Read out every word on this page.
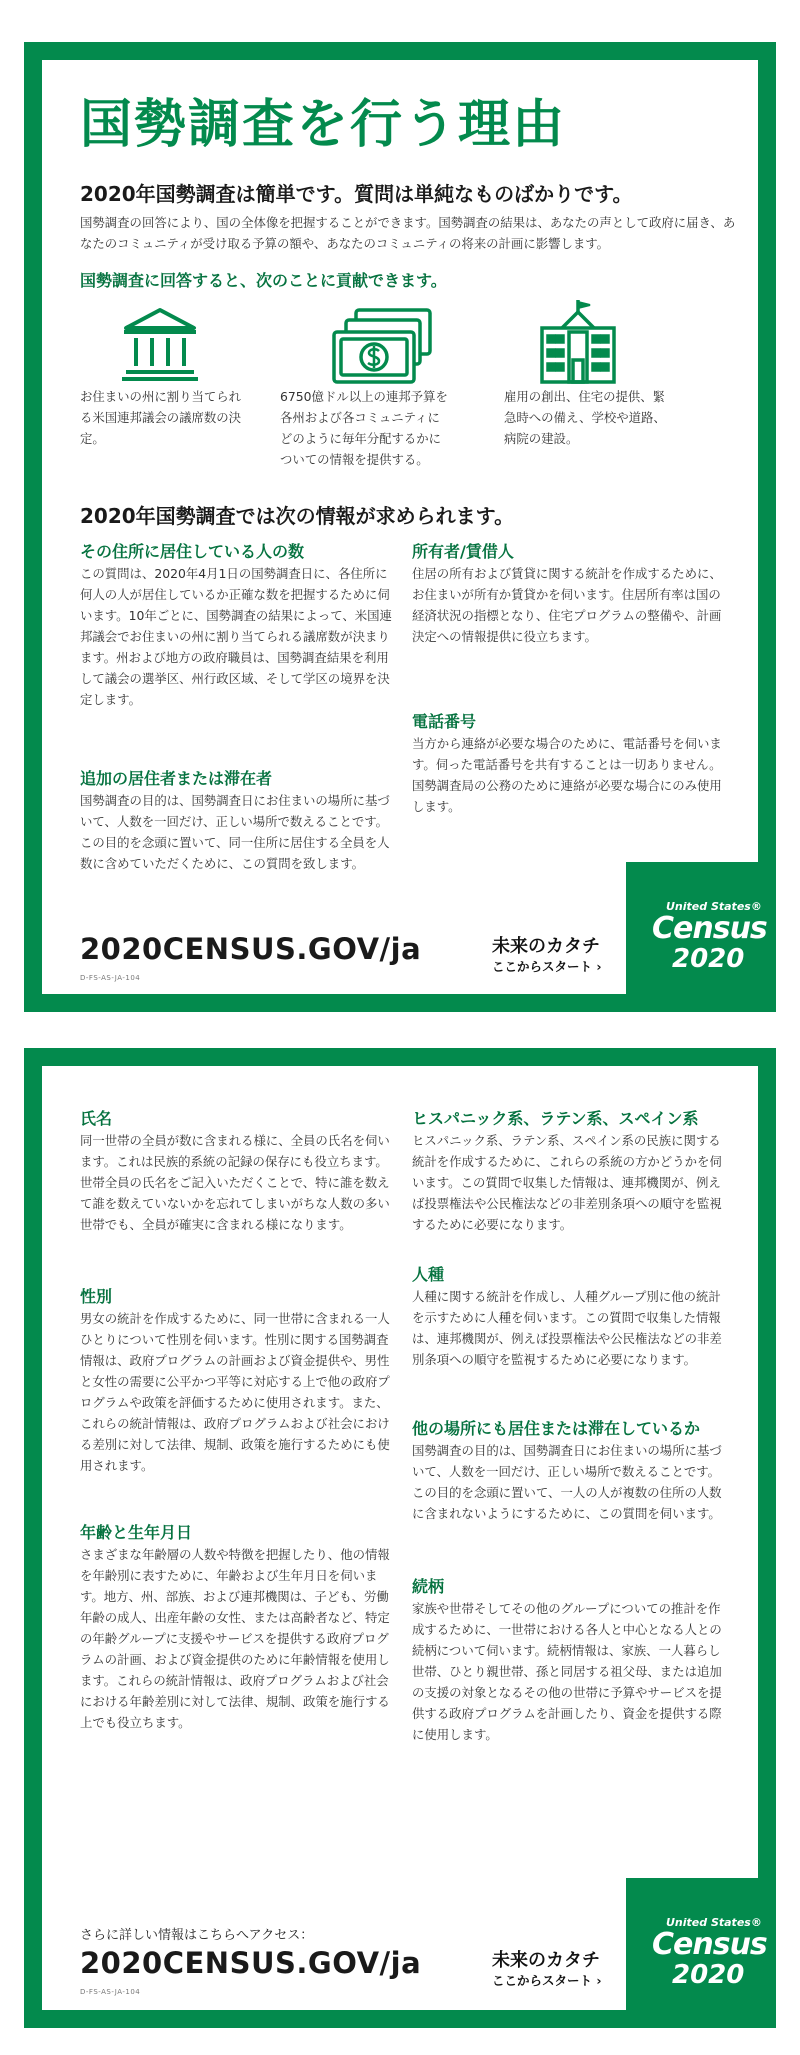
国勢調査を行う理由
2020年国勢調査は簡単です。質問は単純なものばかりです。
国勢調査の回答により、国の全体像を把握することができます。国勢調査の結果は、あなたの声として政府に届き、あなたのコミュニティが受け取る予算の額や、あなたのコミュニティの将来の計画に影響します。
国勢調査に回答すると、次のことに貢献できます。
お住まいの州に割り当てられる米国連邦議会の議席数の決定。
6750億ドル以上の連邦予算を各州および各コミュニティにどのように毎年分配するかについての情報を提供する。
雇用の創出、住宅の提供、緊急時への備え、学校や道路、病院の建設。
2020年国勢調査では次の情報が求められます。
その住所に居住している人の数
この質問は、2020年4月1日の国勢調査日に、各住所に何人の人が居住しているか正確な数を把握するために伺います。10年ごとに、国勢調査の結果によって、米国連邦議会でお住まいの州に割り当てられる議席数が決まります。州および地方の政府職員は、国勢調査結果を利用して議会の選挙区、州行政区域、そして学区の境界を決定します。
追加の居住者または滞在者
国勢調査の目的は、国勢調査日にお住まいの場所に基づいて、人数を一回だけ、正しい場所で数えることです。この目的を念頭に置いて、同一住所に居住する全員を人数に含めていただくために、この質問を致します。
所有者/賃借人
住居の所有および賃貸に関する統計を作成するために、お住まいが所有か賃貸かを伺います。住居所有率は国の経済状況の指標となり、住宅プログラムの整備や、計画決定への情報提供に役立ちます。
電話番号
当方から連絡が必要な場合のために、電話番号を伺います。伺った電話番号を共有することは一切ありません。国勢調査局の公務のために連絡が必要な場合にのみ使用します。
2020CENSUS.GOV/ja
D-FS-AS-JA-104
未来のカタチ
ここからスタート ›
United States®
Census
2020
氏名
同一世帯の全員が数に含まれる様に、全員の氏名を伺います。これは民族的系統の記録の保存にも役立ちます。世帯全員の氏名をご記入いただくことで、特に誰を数えて誰を数えていないかを忘れてしまいがちな人数の多い世帯でも、全員が確実に含まれる様になります。
性別
男女の統計を作成するために、同一世帯に含まれる一人ひとりについて性別を伺います。性別に関する国勢調査情報は、政府プログラムの計画および資金提供や、男性と女性の需要に公平かつ平等に対応する上で他の政府プログラムや政策を評価するために使用されます。また、これらの統計情報は、政府プログラムおよび社会における差別に対して法律、規制、政策を施行するためにも使用されます。
年齢と生年月日
さまざまな年齢層の人数や特徴を把握したり、他の情報を年齢別に表すために、年齢および生年月日を伺います。地方、州、部族、および連邦機関は、子ども、労働年齢の成人、出産年齢の女性、または高齢者など、特定の年齢グループに支援やサービスを提供する政府プログラムの計画、および資金提供のために年齢情報を使用します。これらの統計情報は、政府プログラムおよび社会における年齢差別に対して法律、規制、政策を施行する上でも役立ちます。
ヒスパニック系、ラテン系、スペイン系
ヒスパニック系、ラテン系、スペイン系の民族に関する統計を作成するために、これらの系統の方かどうかを伺います。この質問で収集した情報は、連邦機関が、例えば投票権法や公民権法などの非差別条項への順守を監視するために必要になります。
人種
人種に関する統計を作成し、人種グループ別に他の統計を示すために人種を伺います。この質問で収集した情報は、連邦機関が、例えば投票権法や公民権法などの非差別条項への順守を監視するために必要になります。
他の場所にも居住または滞在しているか
国勢調査の目的は、国勢調査日にお住まいの場所に基づいて、人数を一回だけ、正しい場所で数えることです。この目的を念頭に置いて、一人の人が複数の住所の人数に含まれないようにするために、この質問を伺います。
続柄
家族や世帯そしてその他のグループについての推計を作成するために、一世帯における各人と中心となる人との続柄について伺います。続柄情報は、家族、一人暮らし世帯、ひとり親世帯、孫と同居する祖父母、または追加の支援の対象となるその他の世帯に予算やサービスを提供する政府プログラムを計画したり、資金を提供する際に使用します。
さらに詳しい情報はこちらへアクセス：
2020CENSUS.GOV/ja
D-FS-AS-JA-104
未来のカタチ
ここからスタート ›
United States®
Census
2020
